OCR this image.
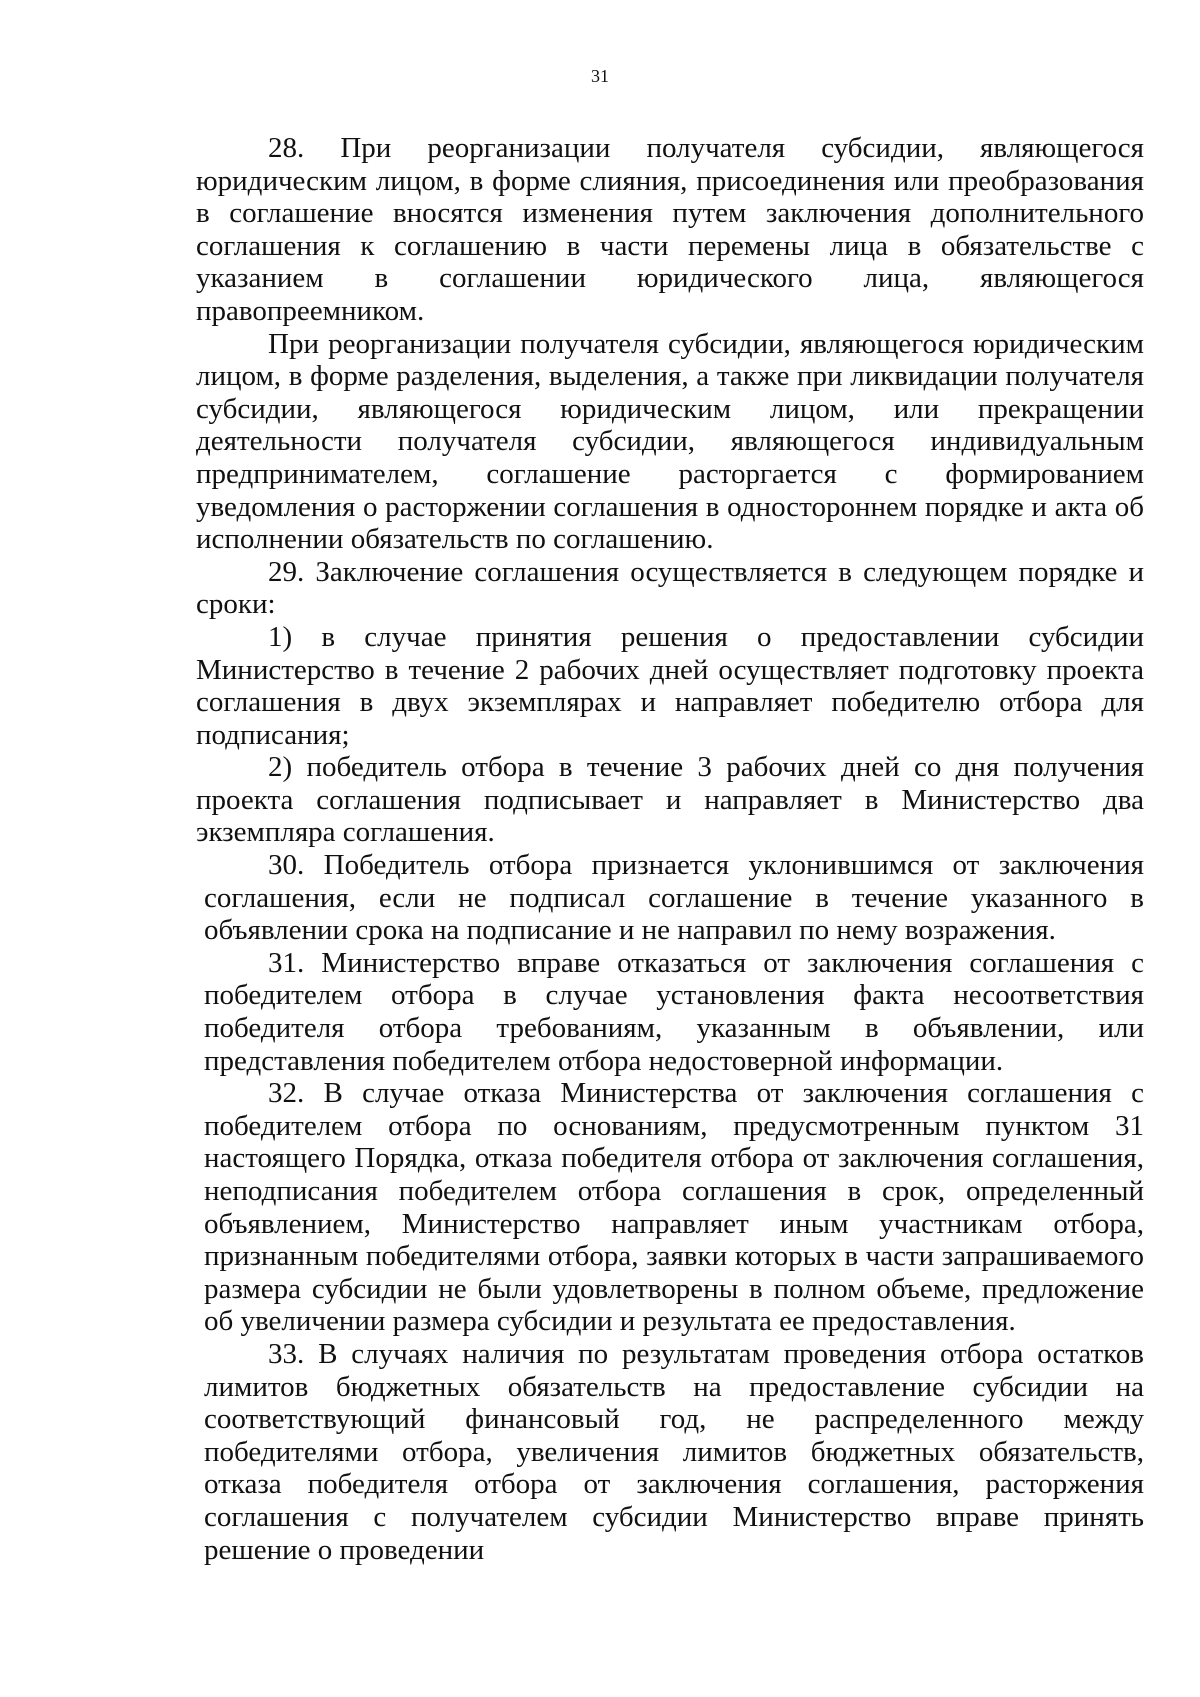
31

28. При реорганизации получателя субсидии, являющегося юридическим лицом, в форме слияния, присоединения или преобразования в соглашение вносятся изменения путем заключения дополнительного соглашения к соглашению в части перемены лица в обязательстве с указанием в соглашении юридического лица, являющегося правопреемником.

При реорганизации получателя субсидии, являющегося юридическим лицом, в форме разделения, выделения, а также при ликвидации получателя субсидии, являющегося юридическим лицом, или прекращении деятельности получателя субсидии, являющегося индивидуальным предпринимателем, соглашение расторгается с формированием уведомления о расторжении соглашения в одностороннем порядке и акта об исполнении обязательств по соглашению.

29. Заключение соглашения осуществляется в следующем порядке и сроки:

1) в случае принятия решения о предоставлении субсидии Министерство в течение 2 рабочих дней осуществляет подготовку проекта соглашения в двух экземплярах и направляет победителю отбора для подписания;

2) победитель отбора в течение 3 рабочих дней со дня получения проекта соглашения подписывает и направляет в Министерство два экземпляра соглашения.

30. Победитель отбора признается уклонившимся от заключения соглашения, если не подписал соглашение в течение указанного в объявлении срока на подписание и не направил по нему возражения.

31. Министерство вправе отказаться от заключения соглашения с победителем отбора в случае установления факта несоответствия победителя отбора требованиям, указанным в объявлении, или представления победителем отбора недостоверной информации.

32. В случае отказа Министерства от заключения соглашения с победителем отбора по основаниям, предусмотренным пунктом 31 настоящего Порядка, отказа победителя отбора от заключения соглашения, неподписания победителем отбора соглашения в срок, определенный объявлением, Министерство направляет иным участникам отбора, признанным победителями отбора, заявки которых в части запрашиваемого размера субсидии не были удовлетворены в полном объеме, предложение об увеличении размера субсидии и результата ее предоставления.

33. В случаях наличия по результатам проведения отбора остатков лимитов бюджетных обязательств на предоставление субсидии на соответствующий финансовый год, не распределенного между победителями отбора, увеличения лимитов бюджетных обязательств, отказа победителя отбора от заключения соглашения, расторжения соглашения с получателем субсидии Министерство вправе принять решение о проведении
